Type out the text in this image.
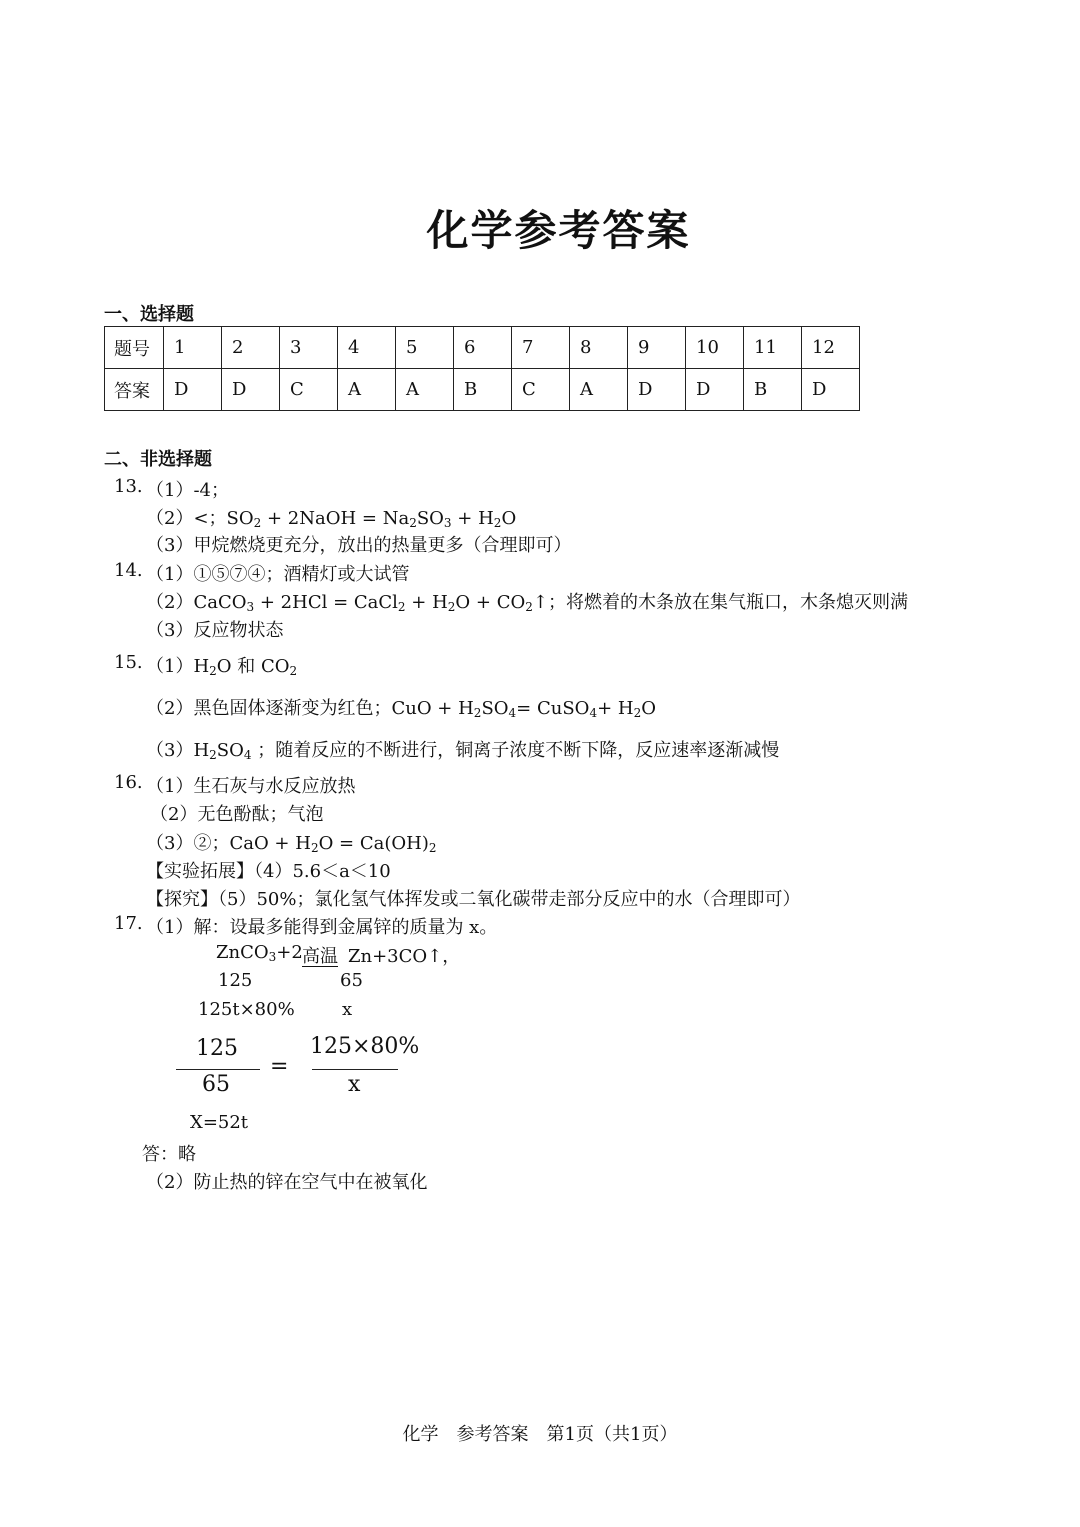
化学参考答案
一、选择题
题号	1	2	3	4	5	6	7	8	9	10	11	12
答案	D	D	C	A	A	B	C	A	D	D	B	D
二、非选择题
13. （1）-4；
（2）<；$SO_2$ + 2NaOH = $Na_2SO_3 + H_2O$
（3）甲烷燃烧更充分，放出的热量更多（合理即可）
14. （1）①⑤⑦④；酒精灯或大试管
（2）CaCO$_3$ + 2HCl = CaCl$_2$ + $H_2O$ + $CO_2↑$；将燃着的木条放在集气瓶口，木条熄灭则满
（3）反应物状态
15. $(1)H_2O$ 和 $CO_2$
（2）黑色固体逐渐变为红色；CuO + $H_2SO_4=$ CuSO$_4$+ $H_2O$
$(3)H_2SO_4$ ；随着反应的不断进行，铜离子浓度不断下降，反应速率逐渐减慢
16. （1）生石灰与水反应放热
（2）无色酚酞；气泡
（3）②；CaO + $H_2O = Ca(OH)_2$
【实验拓展】（4）5.6＜a＜10
【探究】（5）50%；氯化氢气体挥发或二氧化碳带走部分反应中的水（合理即可）
17. （1）解：设最多能得到金属锌的质量为 x。
ZnCO$_3$+2 高温 Zn+3CO↑，
125	65
125t×80%	x
125
65
=
125×80%
x
X=52t
答：略
（2）防止热的锌在空气中在被氧化
化学　参考答案　第1页（共1页）
